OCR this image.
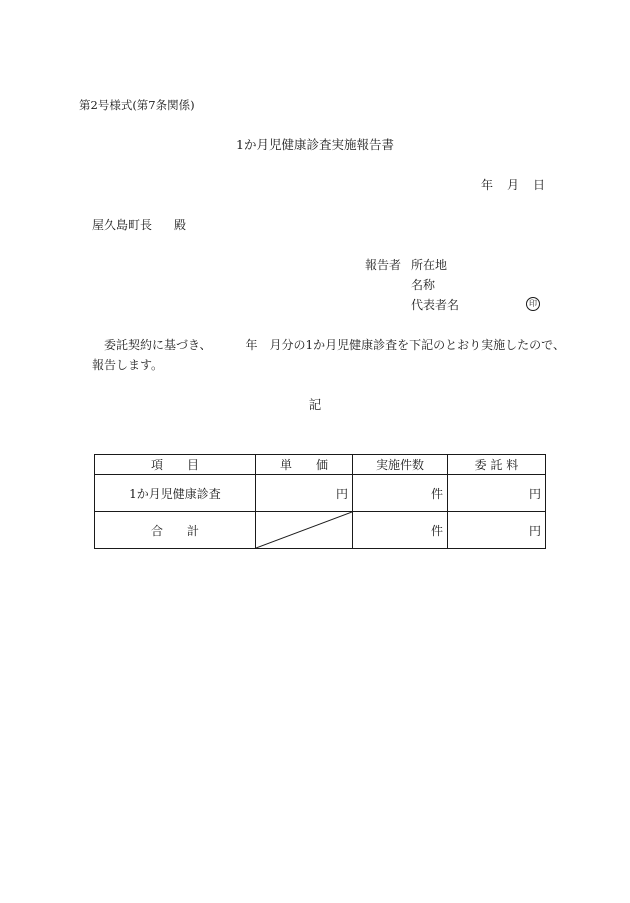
第2号様式(第7条関係)
1か月児健康診査実施報告書
年 月 日
屋久島町長 殿
報告者 所在地
名称
代表者名	印
委託契約に基づき、	年 月分の1か月児健康診査を下記のとおり実施したので、
報告します。
記
項　　目	単　　価	実施件数	委 託 料
1か月児健康診査	円	件	円
合　　計		件	円
